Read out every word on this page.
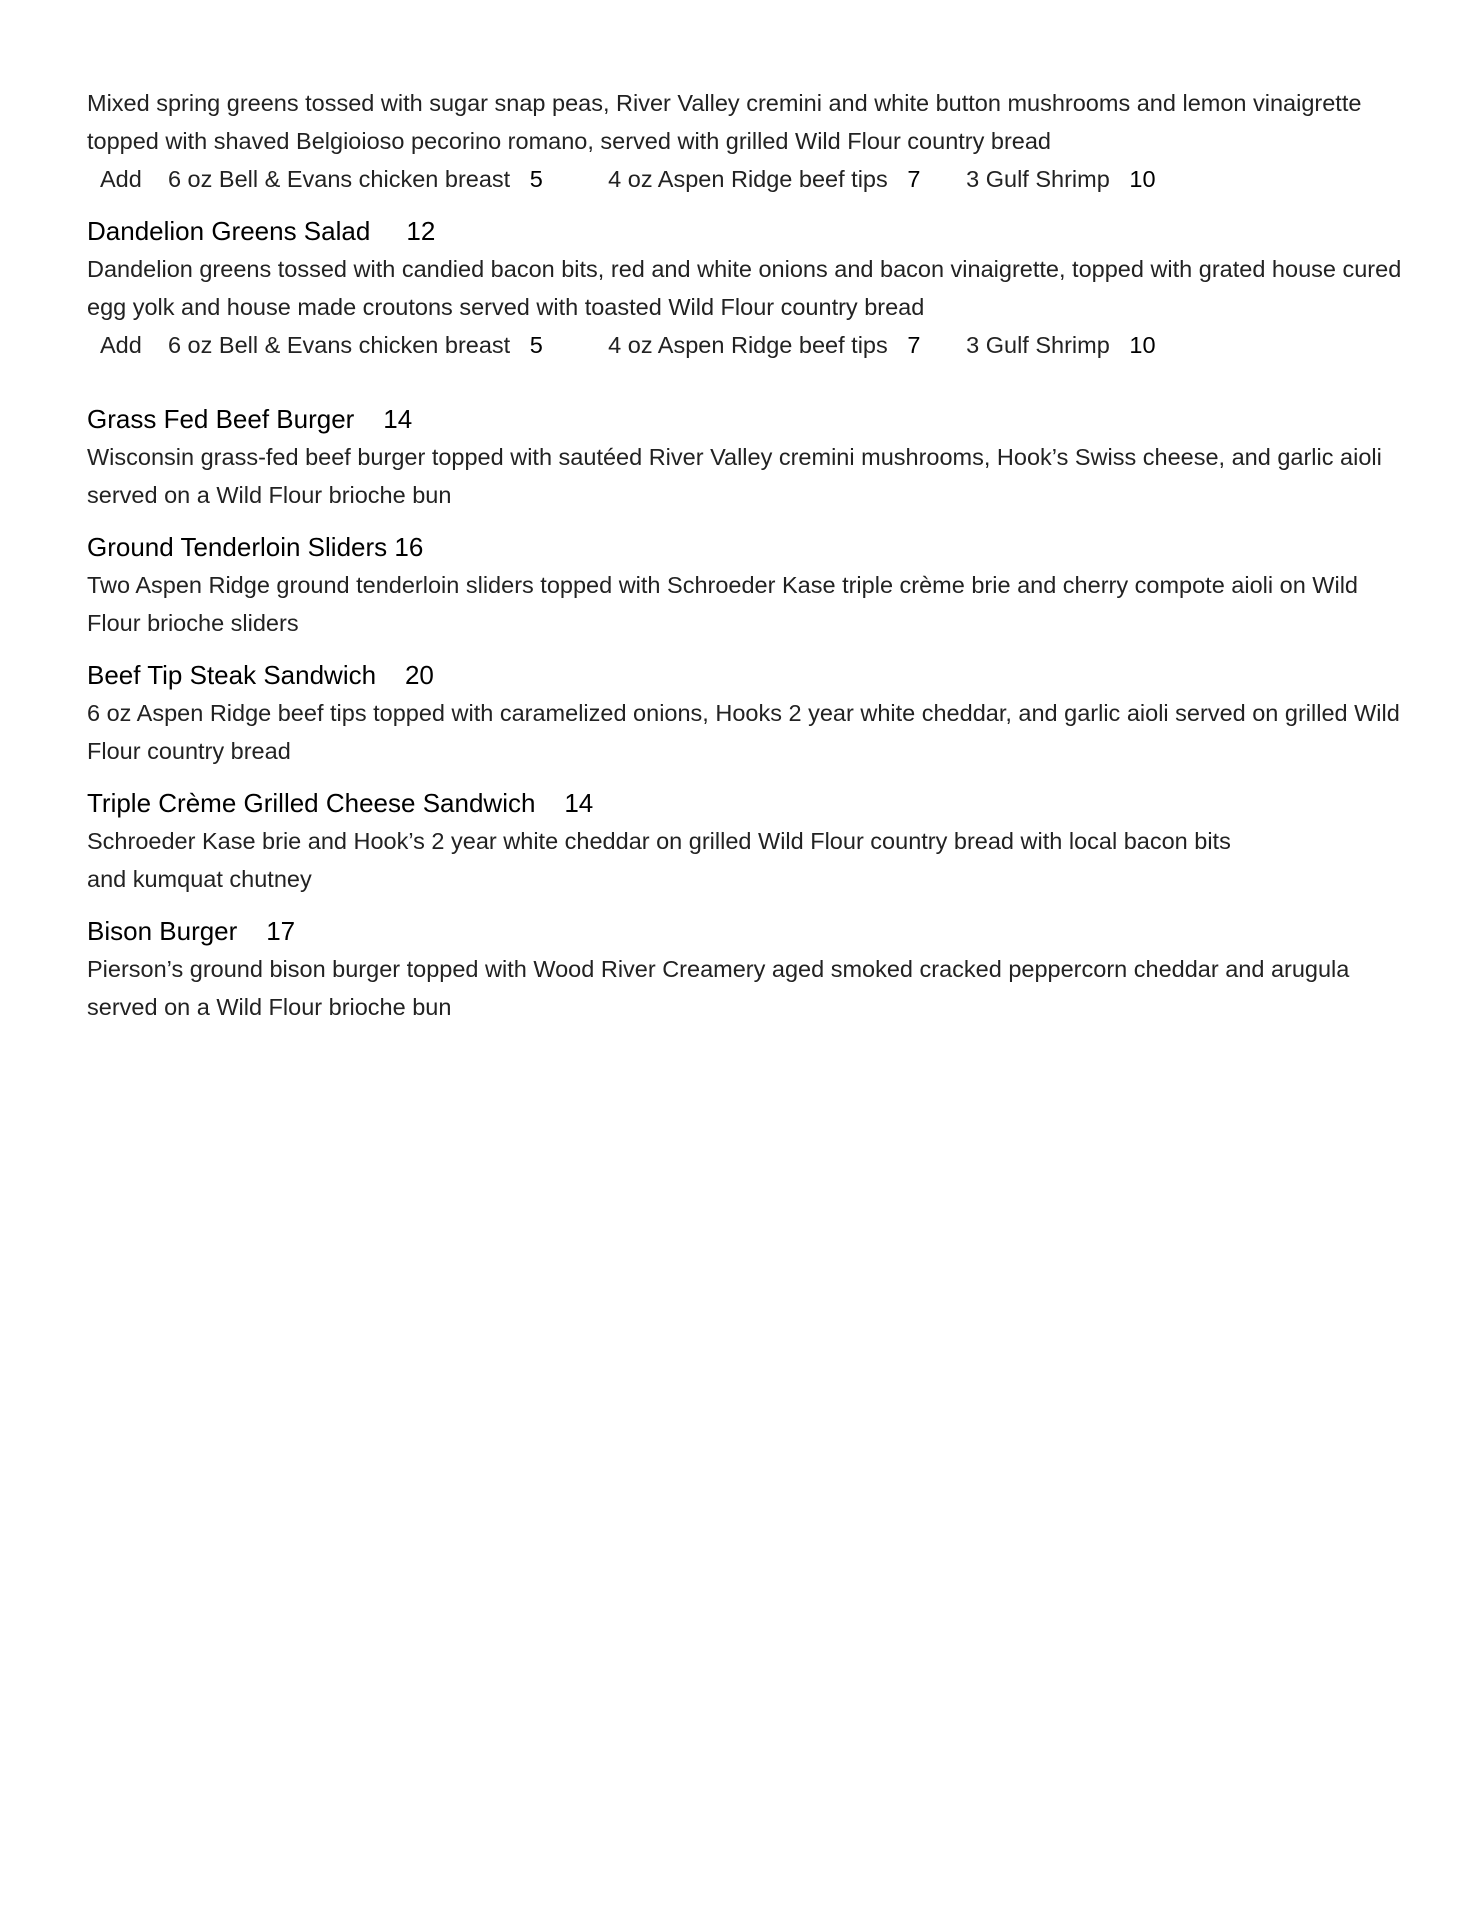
Mixed spring greens tossed with sugar snap peas, River Valley cremini and white button mushrooms and lemon vinaigrette topped with shaved Belgioioso pecorino romano, served with grilled Wild Flour country bread

Add 6 oz Bell & Evans chicken breast 5	4 oz Aspen Ridge beef tips 7 3 Gulf Shrimp 10

Dandelion Greens Salad 12

Dandelion greens tossed with candied bacon bits, red and white onions and bacon vinaigrette, topped with grated house cured egg yolk and house made croutons served with toasted Wild Flour country bread

Add 6 oz Bell & Evans chicken breast 5	4 oz Aspen Ridge beef tips 7 3 Gulf Shrimp 10

Grass Fed Beef Burger 14

Wisconsin grass-fed beef burger topped with sautéed River Valley cremini mushrooms, Hook’s Swiss cheese, and garlic aioli served on a Wild Flour brioche bun

Ground Tenderloin Sliders 16

Two Aspen Ridge ground tenderloin sliders topped with Schroeder Kase triple crème brie and cherry compote aioli on Wild Flour brioche sliders

Beef Tip Steak Sandwich 20

6 oz Aspen Ridge beef tips topped with caramelized onions, Hooks 2 year white cheddar, and garlic aioli served on grilled Wild Flour country bread

Triple Crème Grilled Cheese Sandwich 14

Schroeder Kase brie and Hook’s 2 year white cheddar on grilled Wild Flour country bread with local bacon bits
and kumquat chutney

Bison Burger 17

Pierson’s ground bison burger topped with Wood River Creamery aged smoked cracked peppercorn cheddar and arugula served on a Wild Flour brioche bun
